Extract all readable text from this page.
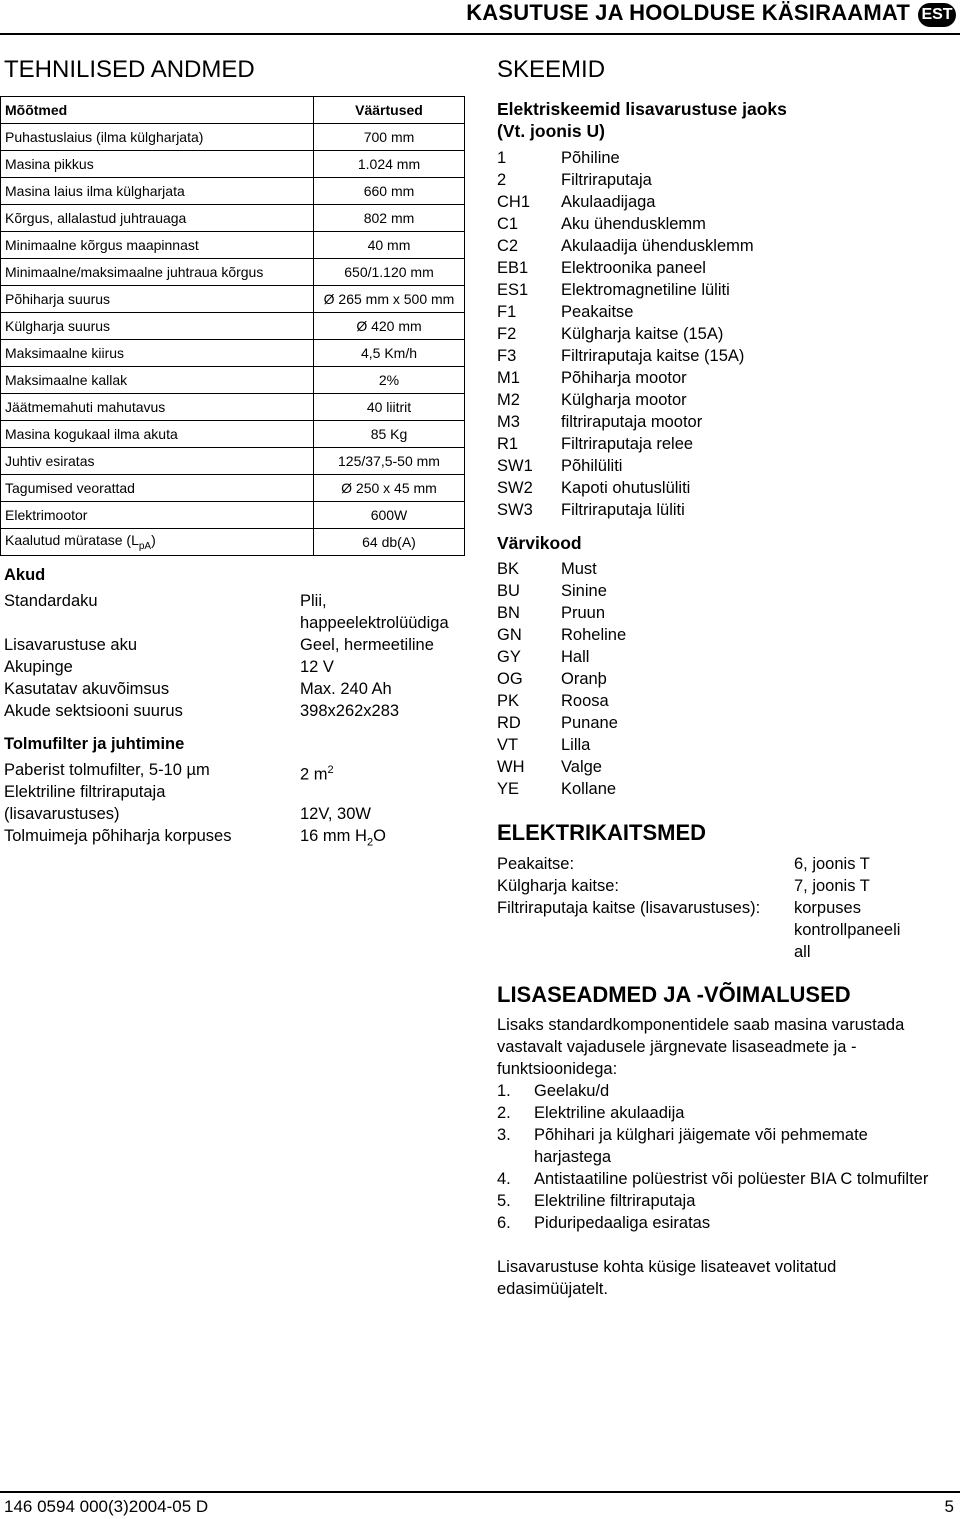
KASUTUSE JA HOOLDUSE KÄSIRAAMAT EST
TEHNILISED ANDMED
Mõõtmed	Väärtused
Puhastuslaius (ilma külgharjata)	700 mm
Masina pikkus	1.024 mm
Masina laius ilma külgharjata	660 mm
Kõrgus, allalastud juhtrauaga	802 mm
Minimaalne kõrgus maapinnast	40 mm
Minimaalne/maksimaalne juhtraua kõrgus	650/1.120 mm
Põhiharja suurus	Ø 265 mm x 500 mm
Külgharja suurus	Ø 420 mm
Maksimaalne kiirus	4,5 Km/h
Maksimaalne kallak	2%
Jäätmemahuti mahutavus	40 liitrit
Masina kogukaal ilma akuta	85 Kg
Juhtiv esiratas	125/37,5-50 mm
Tagumised veorattad	Ø 250 x 45 mm
Elektrimootor	600W
Kaalutud müratase $(L_{pA})$	64 db(A)
Akud
Standardaku	Plii,
happeelektrolüüdiga
Lisavarustuse aku	Geel, hermeetiline
Akupinge	12 V
Kasutatav akuvõimsus	Max. 240 Ah
Akude sektsiooni suurus	398x262x283
Tolmufilter ja juhtimine
Paberist tolmufilter, 5-10 µm	2 $m^2$
Elektriline filtriraputaja
(lisavarustuses)	12V, 30W
Tolmuimeja põhiharja korpuses	16 mm $H_2O$
SKEEMID
Elektriskeemid lisavarustuse jaoks
(Vt. joonis U)
1	Põhiline
2	Filtriraputaja
CH1 Akulaadijaga
C1	Aku ühendusklemm
C2	Akulaadija ühendusklemm
EB1 Elektroonika paneel
ES1 Elektromagnetiline lüliti
F1	Peakaitse
F2	Külgharja kaitse (15A)
F3	Filtriraputaja kaitse (15A)
M1 Põhiharja mootor
M2 Külgharja mootor
M3 filtriraputaja mootor
R1	Filtriraputaja relee
SW1 Põhilüliti
SW2 Kapoti ohutuslüliti
SW3 Filtriraputaja lüliti
Värvikood
BK	Must
BU Sinine
BN Pruun
GN Roheline
GY Hall
OG Oranþ
PK	Roosa
RD Punane
VT	Lilla
WH Valge
YE	Kollane
ELEKTRIKAITSMED
Peakaitse:	6, joonis T
Külgharja kaitse:	7, joonis T
Filtriraputaja kaitse (lisavarustuses): korpuses
kontrollpaneeli
all
LISASEADMED JA -VÕIMALUSED
Lisaks standardkomponentidele saab masina varustada vastavalt vajadusele järgnevate lisaseadmete ja -funktsioonidega:
1. Geelaku/d
2. Elektriline akulaadija
3. Põhihari ja külghari jäigemate või pehmemate harjastega
4. Antistaatiline polüestrist või polüester BIA C tolmufilter
5. Elektriline filtriraputaja
6. Piduripedaaliga esiratas
Lisavarustuse kohta küsige lisateavet volitatud edasimüüjatelt.
146 0594 000(3)2004-05 D	5
